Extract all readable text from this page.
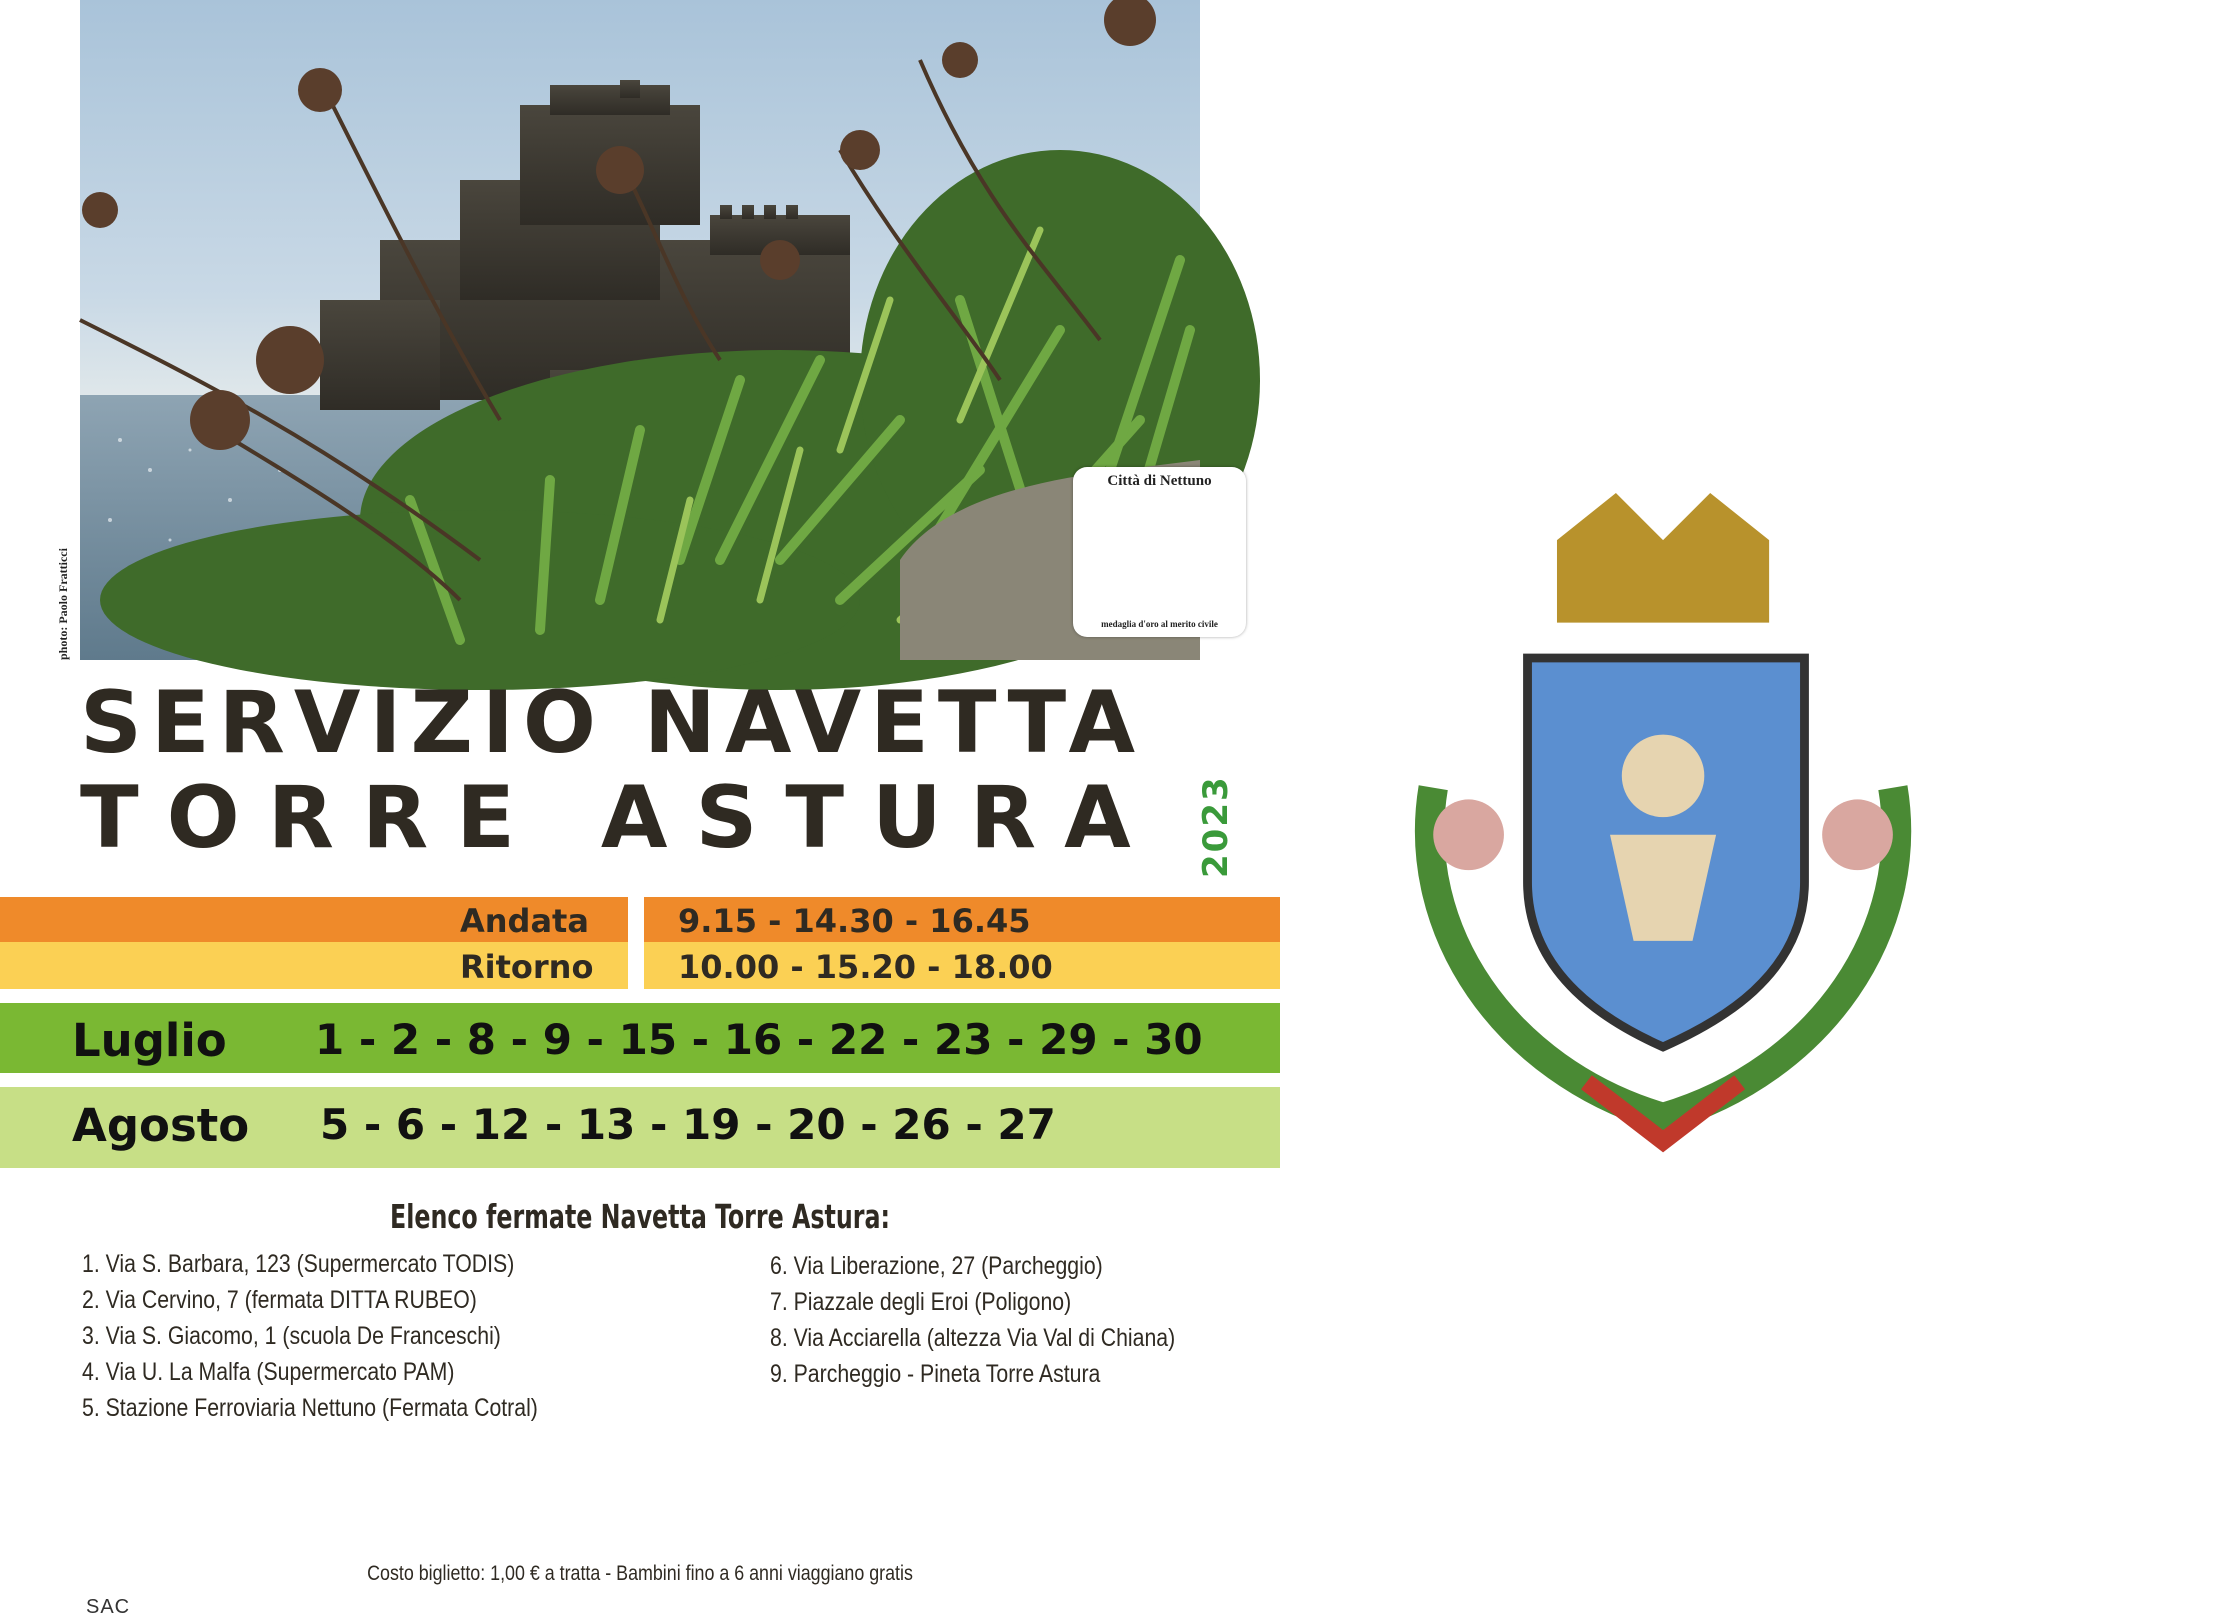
Città di Nettuno
medaglia d'oro al merito civile
photo: Paolo Fratticci
SERVIZIO NAVETTA
TORRE ASTURA	2023
Andata	9.15 - 14.30 - 16.45
Ritorno	10.00 - 15.20 - 18.00
Luglio 1 - 2 - 8 - 9 - 15 - 16 - 22 - 23 - 29 - 30
Agosto 5 - 6 - 12 - 13 - 19 - 20 - 26 - 27
Elenco fermate Navetta Torre Astura:
1. Via S. Barbara, 123 (Supermercato TODIS)
2. Via Cervino, 7 (fermata DITTA RUBEO)
3. Via S. Giacomo, 1 (scuola De Franceschi)
4. Via U. La Malfa (Supermercato PAM)
5. Stazione Ferroviaria Nettuno (Fermata Cotral)
6. Via Liberazione, 27 (Parcheggio)
7. Piazzale degli Eroi (Poligono)
8. Via Acciarella (altezza Via Val di Chiana)
9. Parcheggio - Pineta Torre Astura
Costo biglietto: 1,00 € a tratta - Bambini fino a 6 anni viaggiano gratis
SAC
